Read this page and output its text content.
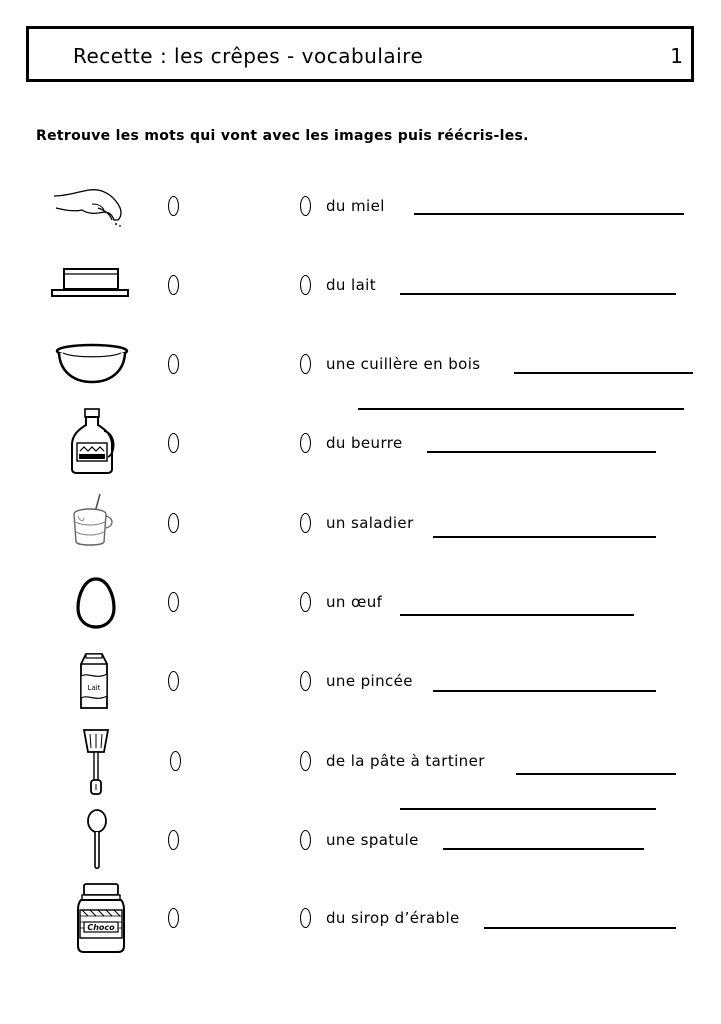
Recette : les crêpes - vocabulaire	1
Retrouve les mots qui vont avec les images puis réécris-les.
Lait
Choco
du miel
du lait
une cuillère en bois
du beurre
un saladier
un œuf
une pincée
de la pâte à tartiner
une spatule
du sirop d’érable
